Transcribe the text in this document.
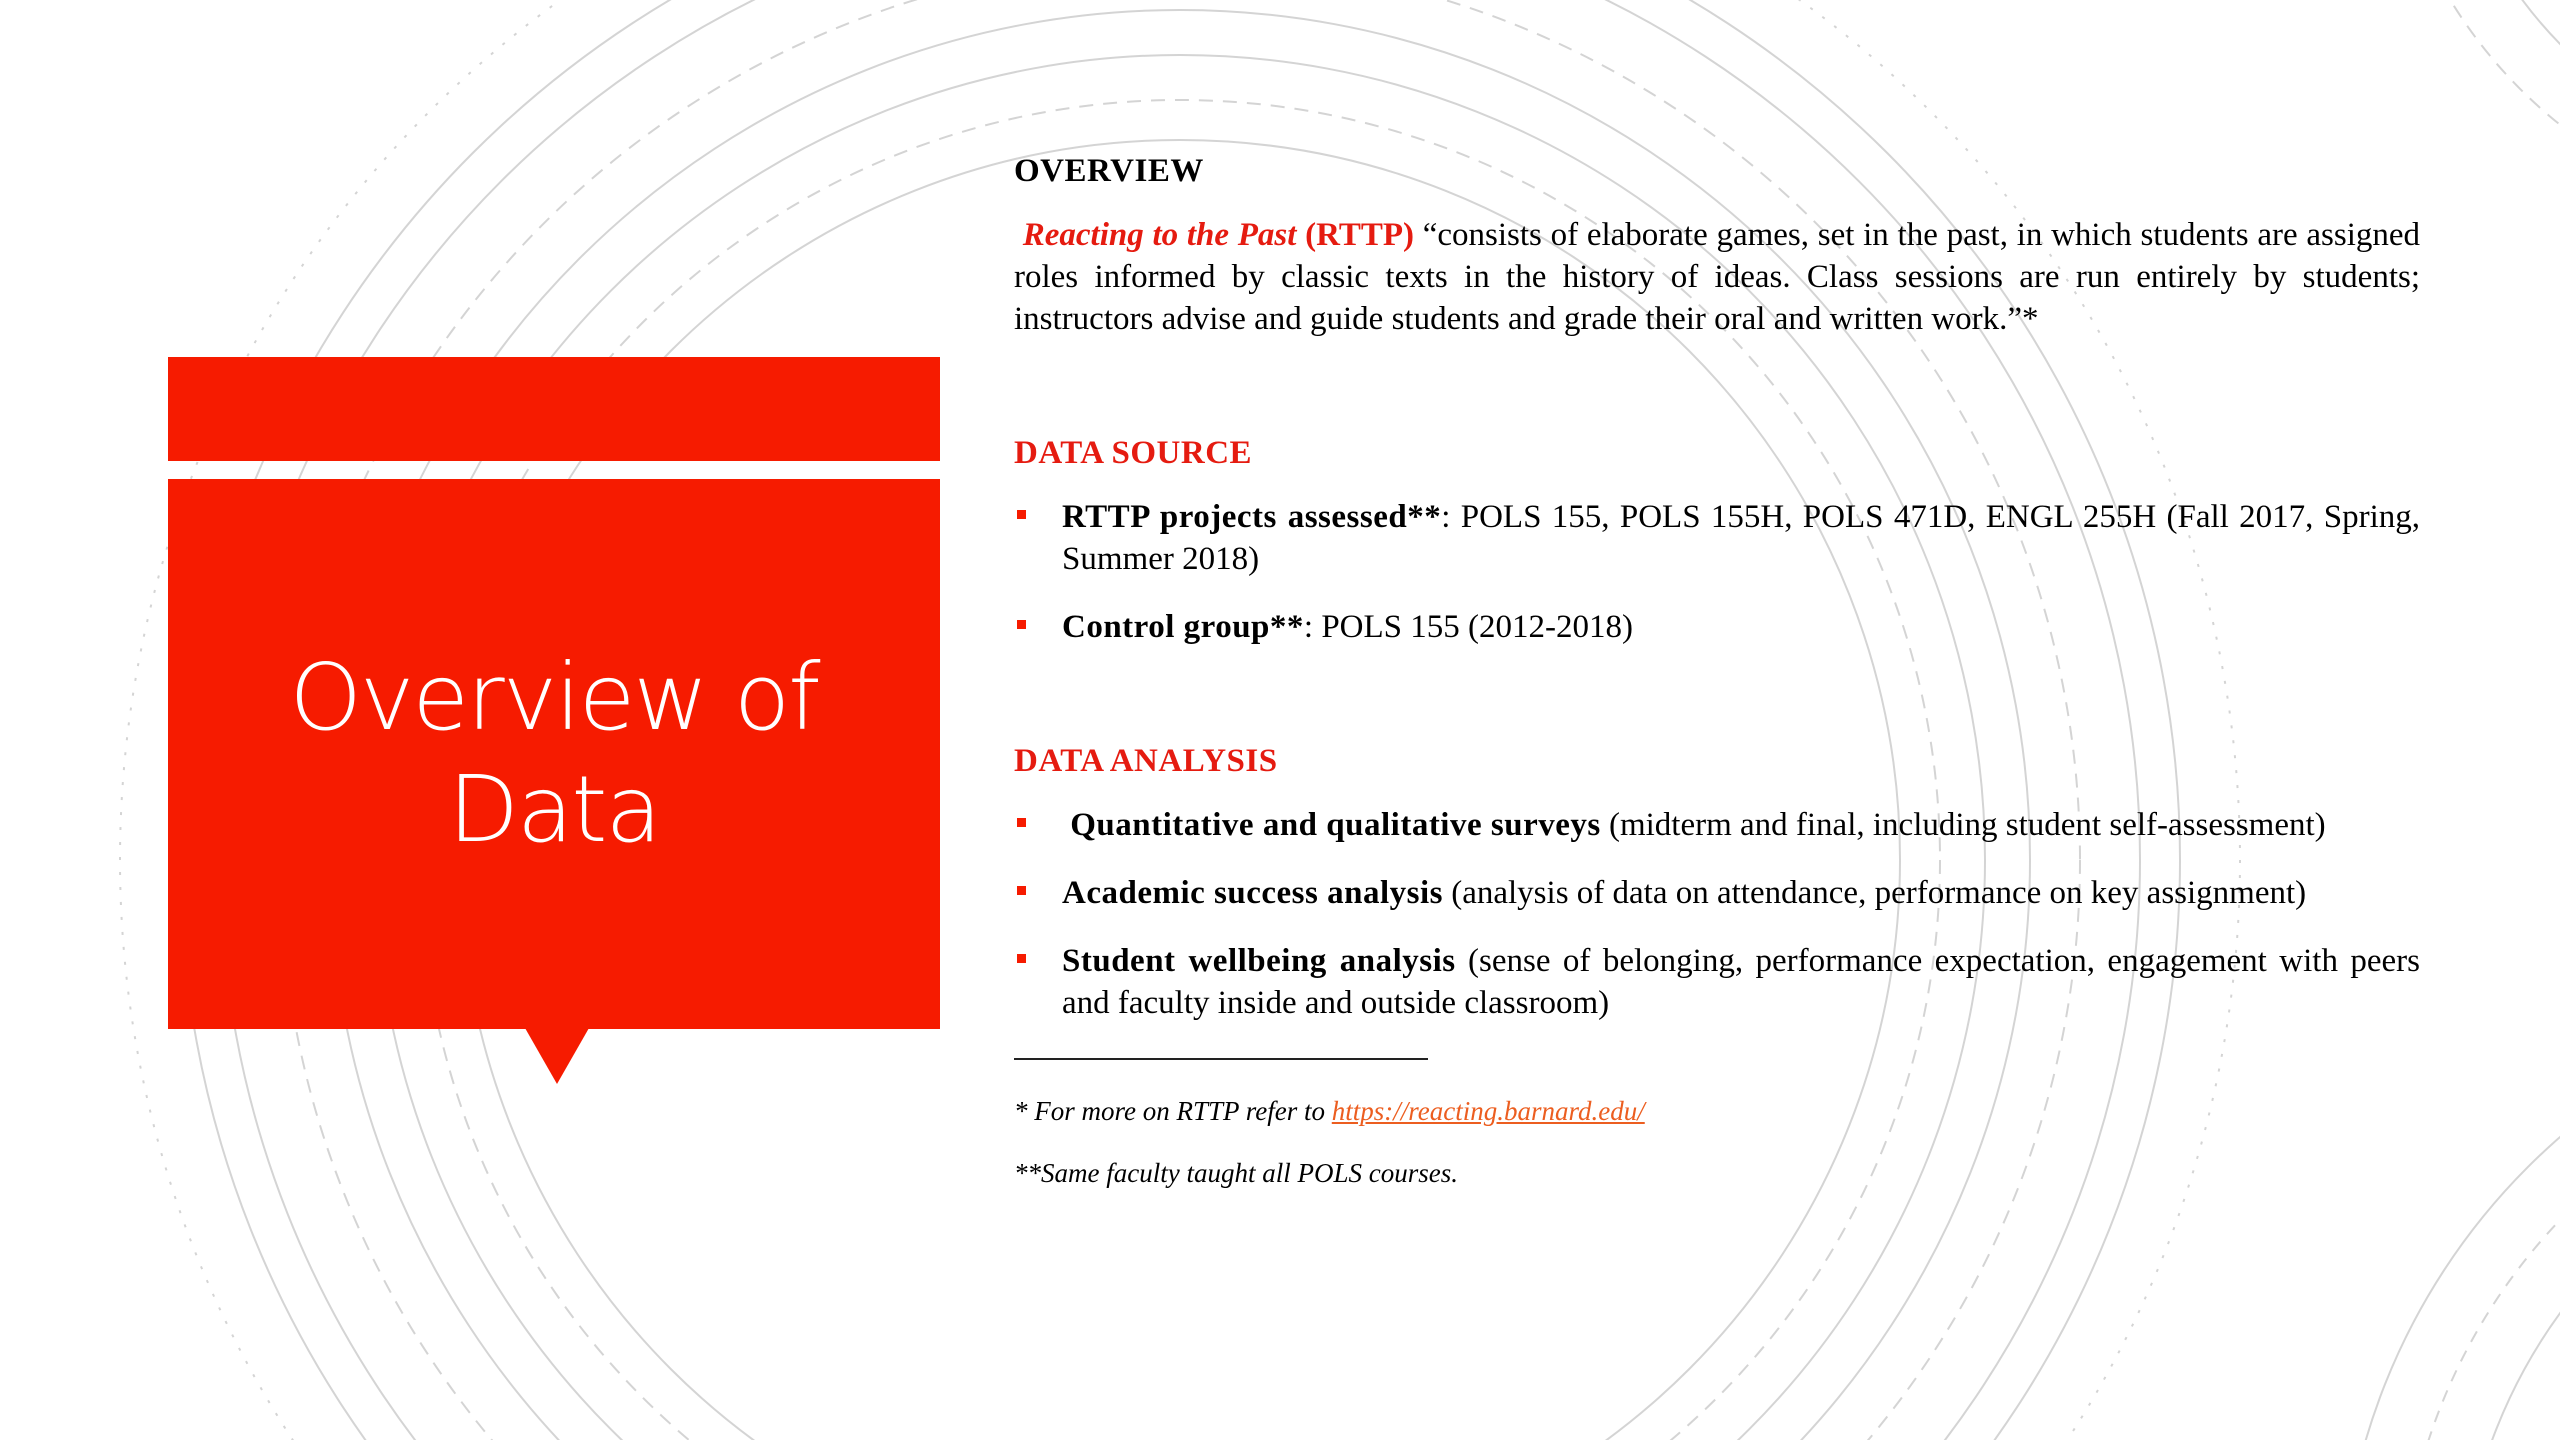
Overview of
Data
OVERVIEW

Reacting to the Past (RTTP) “consists of elaborate games, set in the past, in which students are assigned roles informed by classic texts in the history of ideas. Class sessions are run entirely by students; instructors advise and guide students and grade their oral and written work.”*

DATA SOURCE
RTTP projects assessed**: POLS 155, POLS 155H, POLS 471D, ENGL 255H (Fall 2017, Spring, Summer 2018)
Control group**: POLS 155 (2012-2018)
DATA ANALYSIS
Quantitative and qualitative surveys (midterm and final, including student self-assessment)
Academic success analysis (analysis of data on attendance, performance on key assignment)
Student wellbeing analysis (sense of belonging, performance expectation, engagement with peers and faculty inside and outside classroom)

* For more on RTTP refer to https://reacting.barnard.edu/

**Same faculty taught all POLS courses.
